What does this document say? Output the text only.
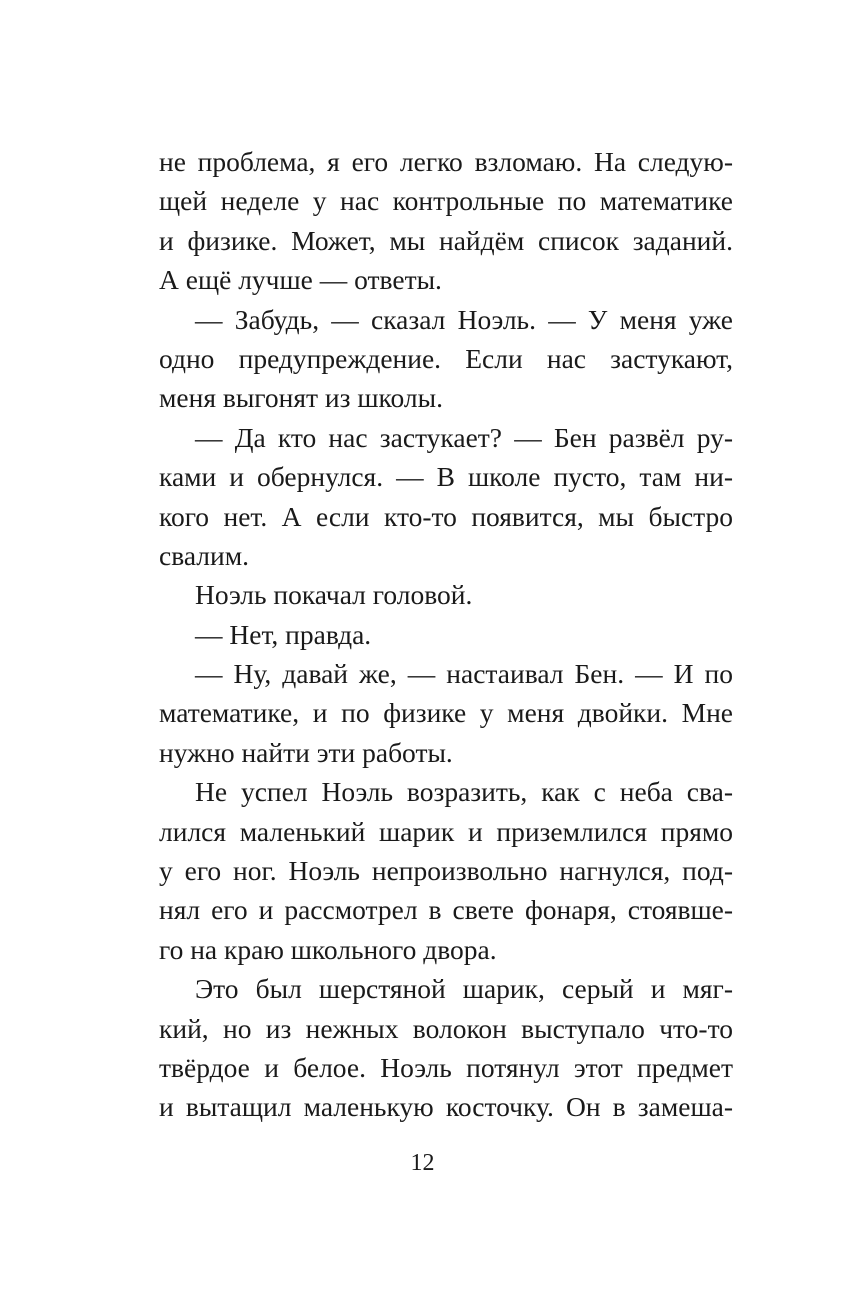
не проблема, я его легко взломаю. На следую-
щей неделе у нас контрольные по математике
и физике. Может, мы найдём список заданий.
А ещё лучше — ответы.
— Забудь, — сказал Ноэль. — У меня уже
одно предупреждение. Если нас застукают,
меня выгонят из школы.
— Да кто нас застукает? — Бен развёл ру-
ками и обернулся. — В школе пусто, там ни-
кого нет. А если кто-то появится, мы быстро
свалим.
Ноэль покачал головой.
— Нет, правда.
— Ну, давай же, — настаивал Бен. — И по
математике, и по физике у меня двойки. Мне
нужно найти эти работы.
Не успел Ноэль возразить, как с неба сва-
лился маленький шарик и приземлился прямо
у его ног. Ноэль непроизвольно нагнулся, под-
нял его и рассмотрел в свете фонаря, стоявше-
го на краю школьного двора.
Это был шерстяной шарик, серый и мяг-
кий, но из нежных волокон выступало что-то
твёрдое и белое. Ноэль потянул этот предмет
и вытащил маленькую косточку. Он в замеша-
12
